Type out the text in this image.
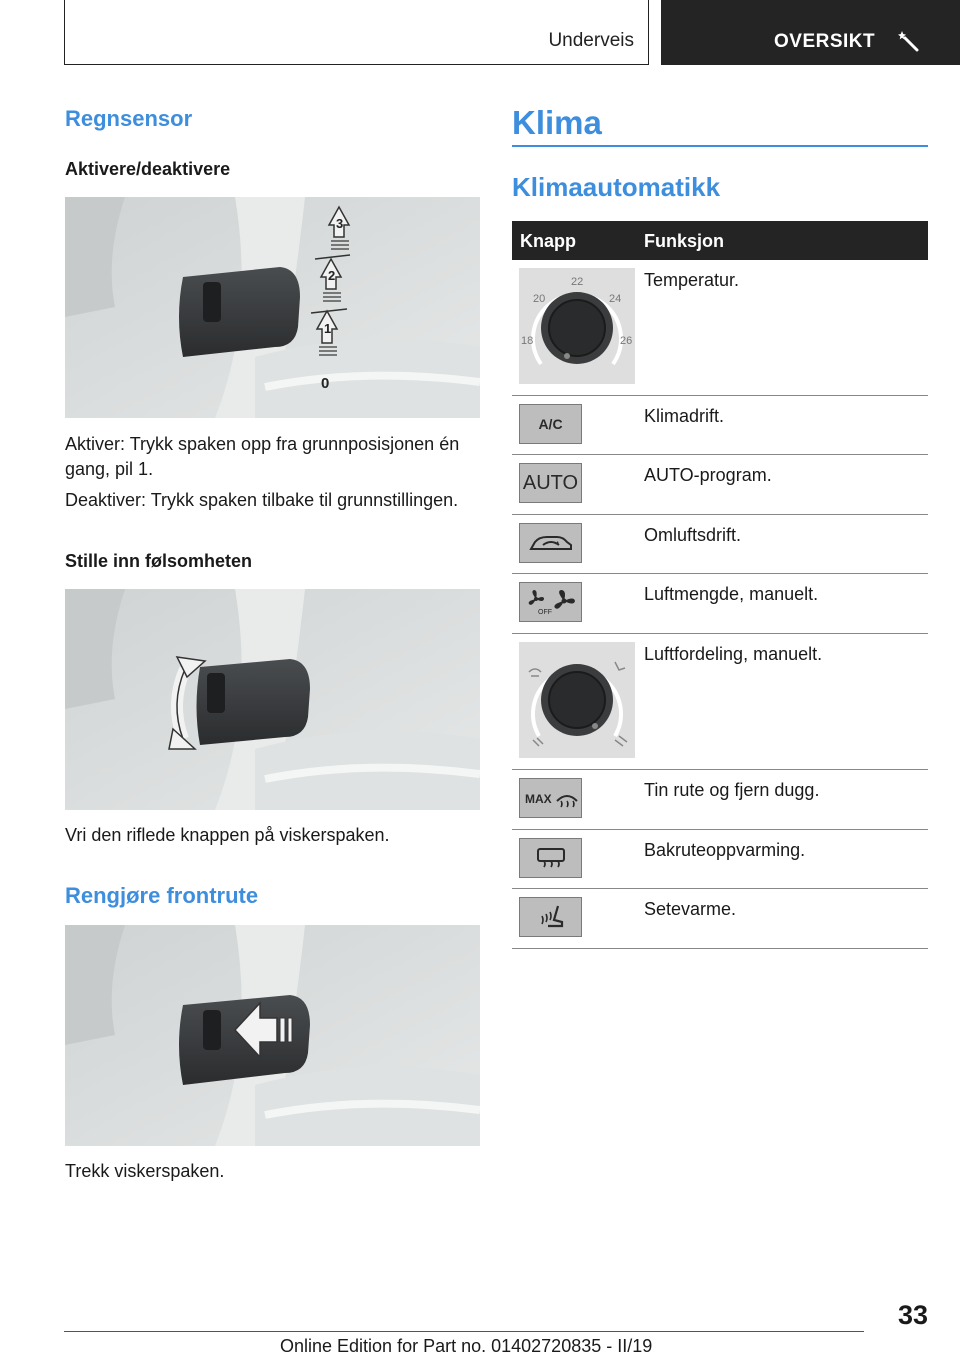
Underveis	OVERSIKT
Regnsensor
Aktivere/deaktivere
3
2
1
0
Aktiver: Trykk spaken opp fra grunnposisjonen én gang, pil 1.
Deaktiver: Trykk spaken tilbake til grunnstillingen.
Stille inn følsomheten
Vri den riflede knappen på viskerspaken.
Rengjøre frontrute
Trekk viskerspaken.
Klima
Klimaautomatikk
Knapp	Funksjon
22
20	24
18	26
Temperatur.
A/C	Klimadrift.
AUTO	AUTO-program.
Omluftsdrift.
OFF
Luftmengde, manuelt.
Luftfordeling, manuelt.
MAX	Tin rute og fjern dugg.
Bakruteoppvarming.
Setevarme.
33
Online Edition for Part no. 01402720835 - II/19
